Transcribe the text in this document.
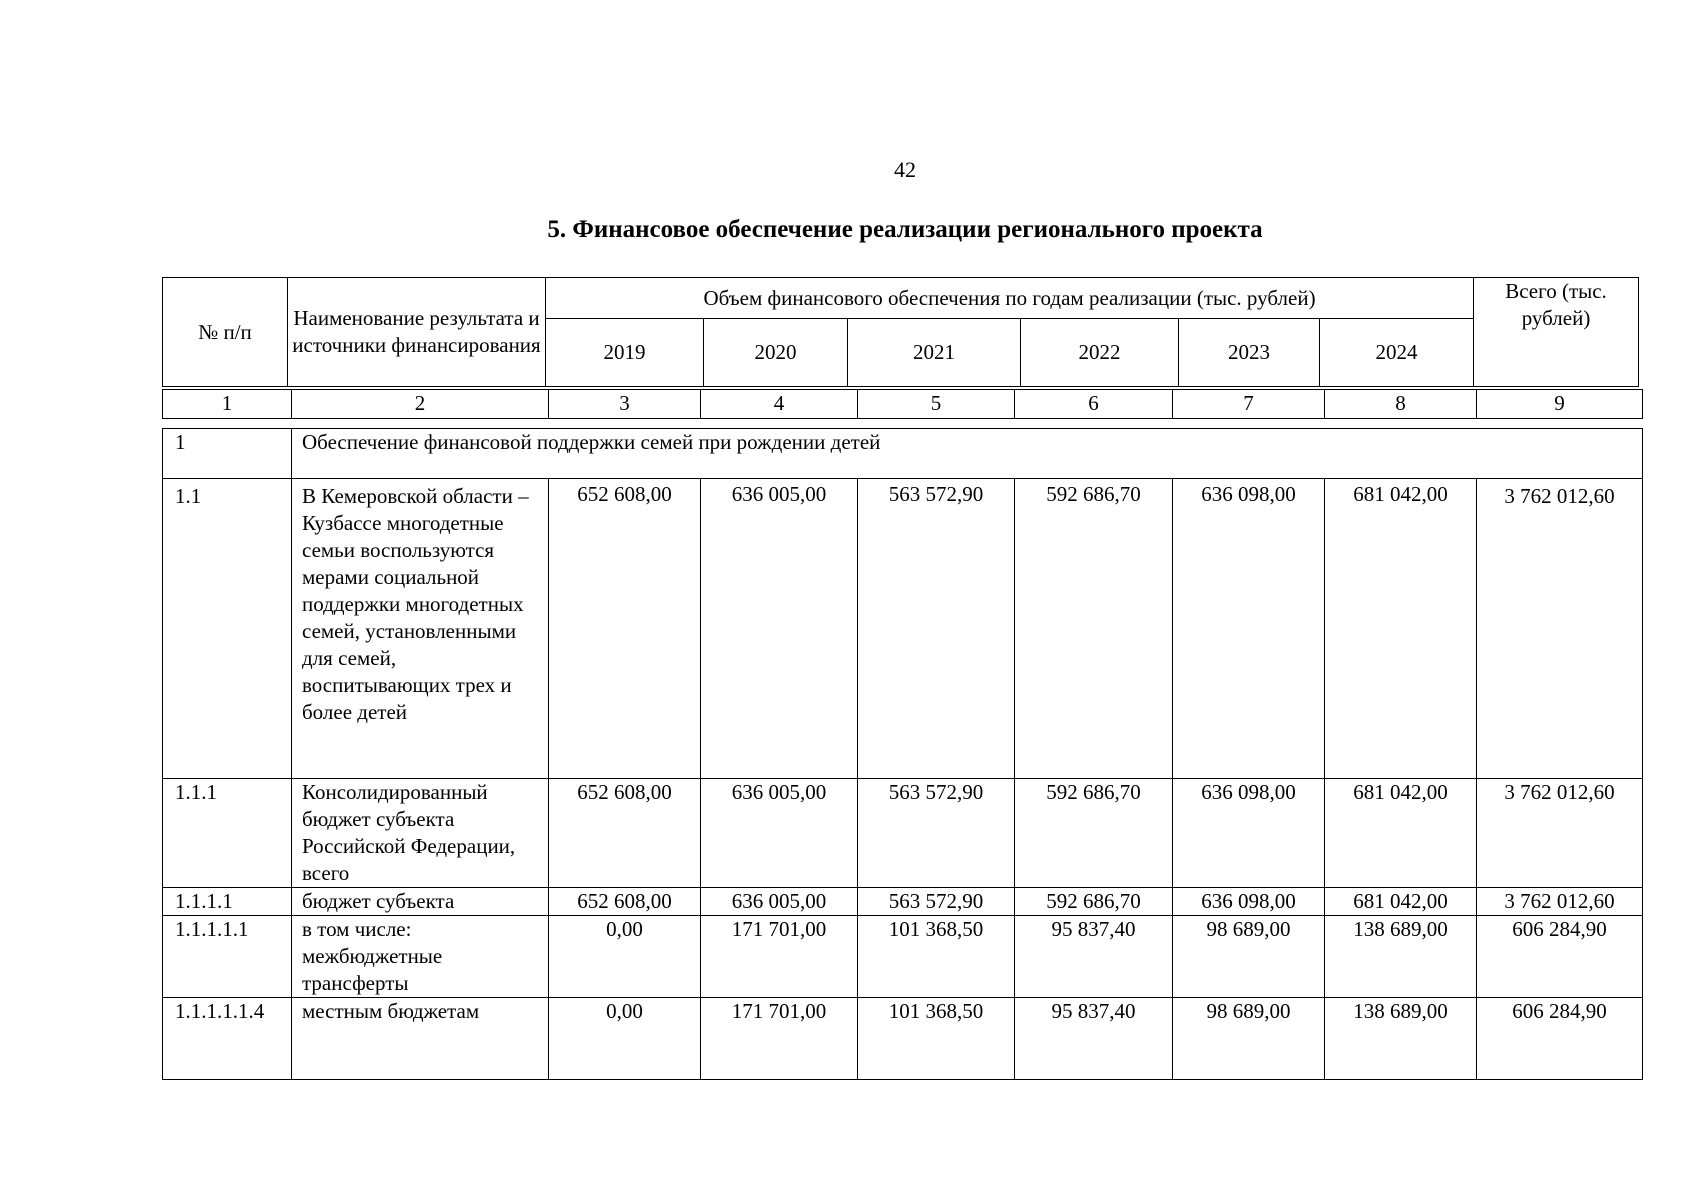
42
5. Финансовое обеспечение реализации регионального проекта
№ п/п	Наименование результата и источники финансирования	Объем финансового обеспечения по годам реализации (тыс. рублей)						Всего (тыс. рублей)
		2019	2020	2021	2022	2023	2024	
1	2	3	4	5	6	7	8	9
1	Обеспечение финансовой поддержки семей при рождении детей							
1.1	В Кемеровской области – Кузбассе многодетные семьи воспользуются мерами социальной поддержки многодетных семей, установленными для семей, воспитывающих трех и более детей	652 608,00	636 005,00	563 572,90	592 686,70	636 098,00	681 042,00	3 762 012,60
1.1.1	Консолидированный бюджет субъекта Российской Федерации, всего	652 608,00	636 005,00	563 572,90	592 686,70	636 098,00	681 042,00	3 762 012,60
1.1.1.1	бюджет субъекта	652 608,00	636 005,00	563 572,90	592 686,70	636 098,00	681 042,00	3 762 012,60
1.1.1.1.1	в том числе: межбюджетные трансферты	0,00	171 701,00	101 368,50	95 837,40	98 689,00	138 689,00	606 284,90
1.1.1.1.1.4	местным бюджетам	0,00	171 701,00	101 368,50	95 837,40	98 689,00	138 689,00	606 284,90
